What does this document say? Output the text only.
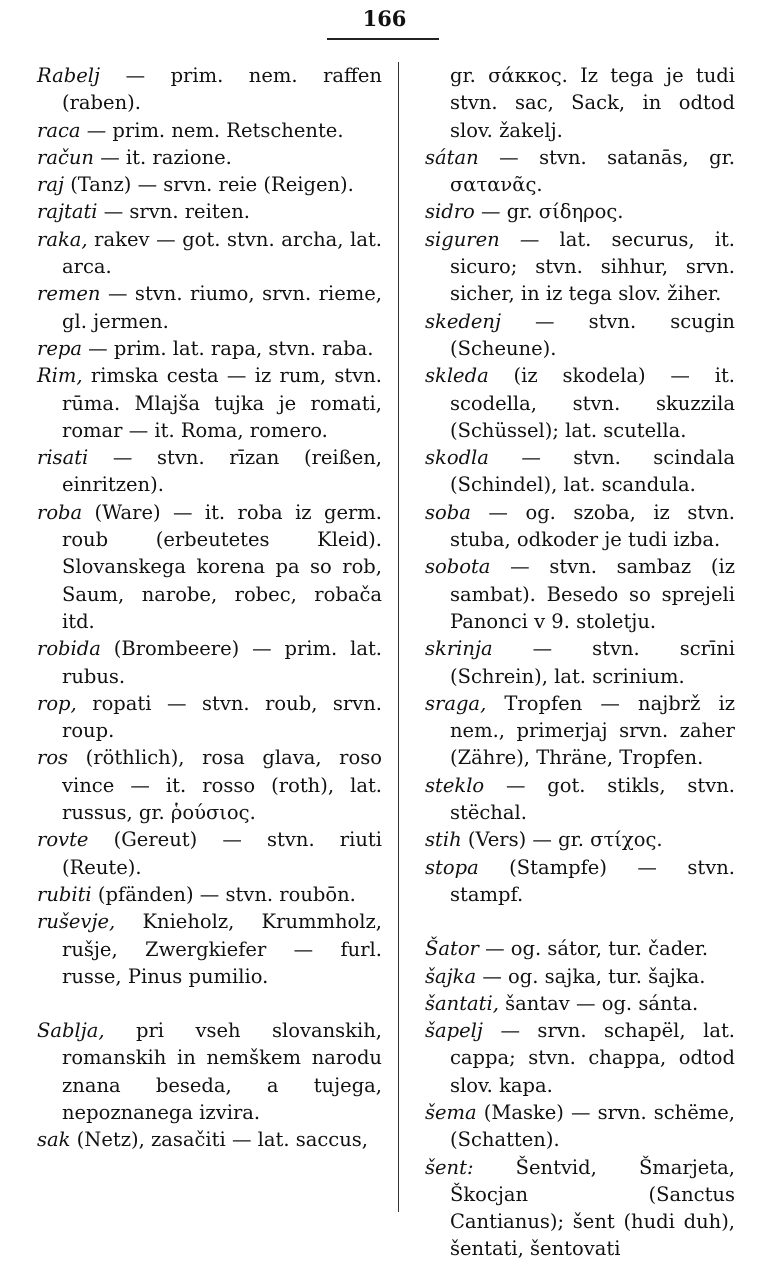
166

Rabelj — prim. nem. raffen (raben).

raca — prim. nem. Retschente.

račun — it. razione.

raj (Tanz) — srvn. reie (Reigen).

rajtati — srvn. reiten.

raka, rakev — got. stvn. archa, lat. arca.

remen — stvn. riumo, srvn. rieme, gl. jermen.

repa — prim. lat. rapa, stvn. raba.

Rim, rimska cesta — iz rum, stvn. rūma. Mlajša tujka je romati, romar — it. Roma, romero.

risati — stvn. rīzan (reißen, einritzen).

roba (Ware) — it. roba iz germ. roub (erbeutetes Kleid). Slovanskega korena pa so rob, Saum, narobe, robec, robača itd.

robida (Brombeere) — prim. lat. rubus.

rop, ropati — stvn. roub, srvn. roup.

ros (röthlich), rosa glava, roso vince — it. rosso (roth), lat. russus, gr. ῥούσιος.

rovte (Gereut) — stvn. riuti (Reute).

rubiti (pfänden) — stvn. roubōn.

ruševje, Knieholz, Krummholz, rušje, Zwergkiefer — furl. russe, Pinus pumilio.

Sablja, pri vseh slovanskih, romanskih in nemškem narodu znana beseda, a tujega, nepoznanega izvira.

sak (Netz), zasačiti — lat. saccus,

gr. σάκκος. Iz tega je tudi stvn. sac, Sack, in odtod slov. žakelj.

sátan — stvn. satanās, gr. σατανᾶς.

sidro — gr. σίδηρος.

siguren — lat. securus, it. sicuro; stvn. sihhur, srvn. sicher, in iz tega slov. žiher.

skedenj — stvn. scugin (Scheune).

skleda (iz skodela) — it. scodella, stvn. skuzzila (Schüssel); lat. scutella.

skodla — stvn. scindala (Schindel), lat. scandula.

soba — og. szoba, iz stvn. stuba, odkoder je tudi izba.

sobota — stvn. sambaz (iz sambat). Besedo so sprejeli Panonci v 9. stoletju.

skrinja — stvn. scrīni (Schrein), lat. scrinium.

sraga, Tropfen — najbrž iz nem., primerjaj srvn. zaher (Zähre), Thräne, Tropfen.

steklo — got. stikls, stvn. stëchal.

stih (Vers) — gr. στίχος.

stopa (Stampfe) — stvn. stampf.

Šator — og. sátor, tur. čader.

šajka — og. sajka, tur. šajka.

šantati, šantav — og. sánta.

šapelj — srvn. schapël, lat. cappa; stvn. chappa, odtod slov. kapa.

šema (Maske) — srvn. schëme, (Schatten).

šent: Šentvid, Šmarjeta, Škocjan (Sanctus Cantianus); šent (hudi duh), šentati, šentovati
